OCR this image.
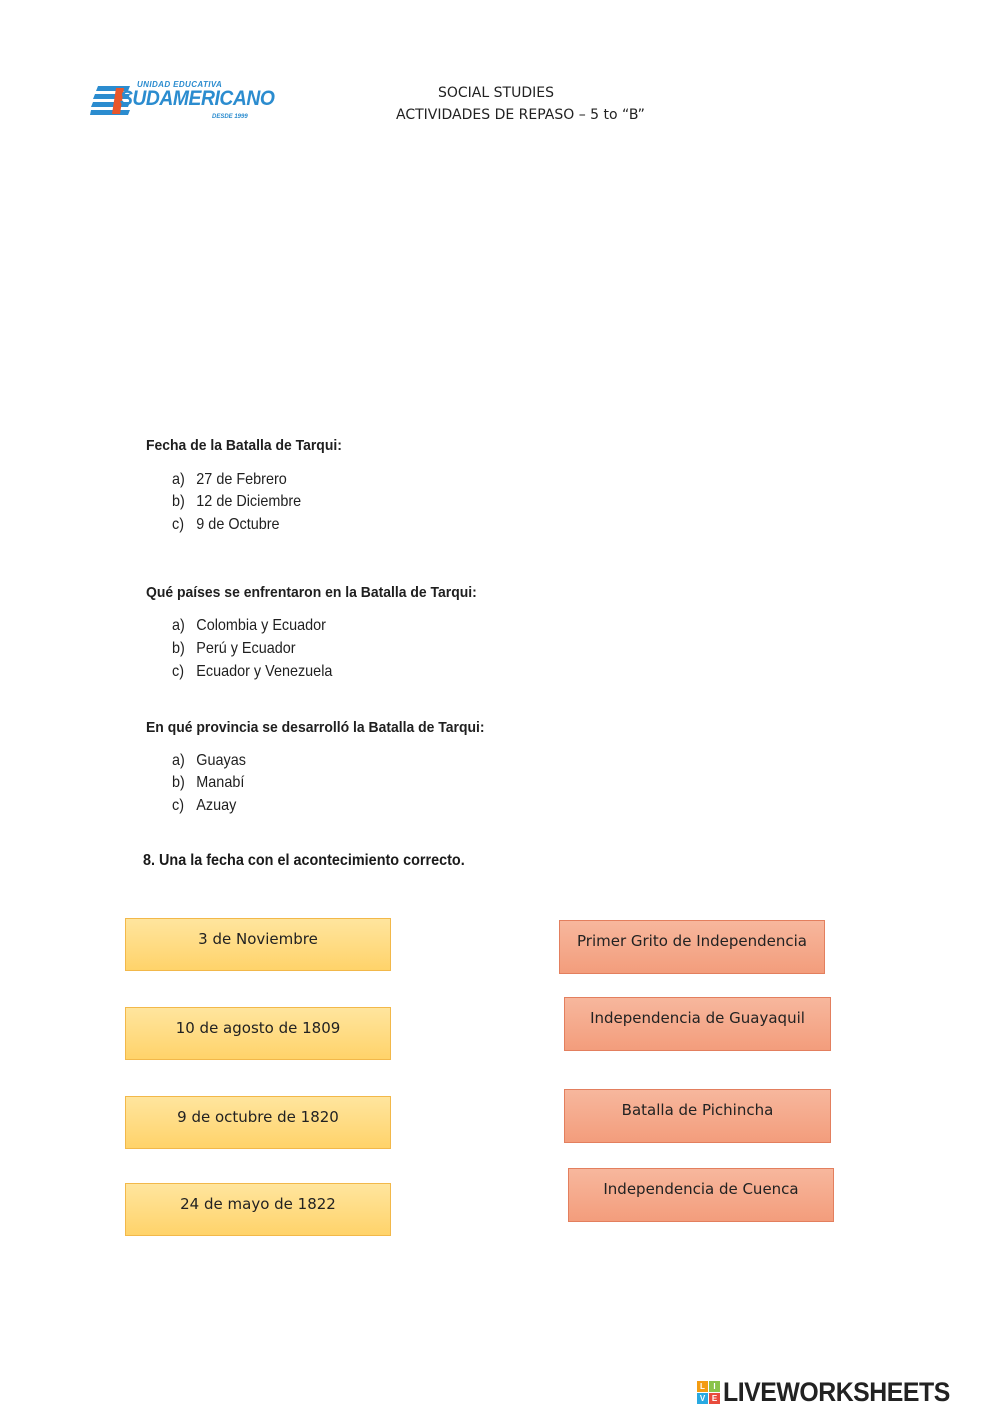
UNIDAD EDUCATIVA
SUDAMERICANO
DESDE 1999
SOCIAL STUDIES
ACTIVIDADES DE REPASO – 5 to “B”
Fecha de la Batalla de Tarqui:
a) 27 de Febrero
b) 12 de Diciembre
c) 9 de Octubre
Qué países se enfrentaron en la Batalla de Tarqui:
a) Colombia y Ecuador
b) Perú y Ecuador
c) Ecuador y Venezuela
En qué provincia se desarrolló la Batalla de Tarqui:
a) Guayas
b) Manabí
c) Azuay
8. Una la fecha con el acontecimiento correcto.
3 de Noviembre
10 de agosto de 1809
9 de octubre de 1820
24 de mayo de 1822
Primer Grito de Independencia
Independencia de Guayaquil
Batalla de Pichincha
Independencia de Cuenca
L	I
V E LIVEWORKSHEETS
